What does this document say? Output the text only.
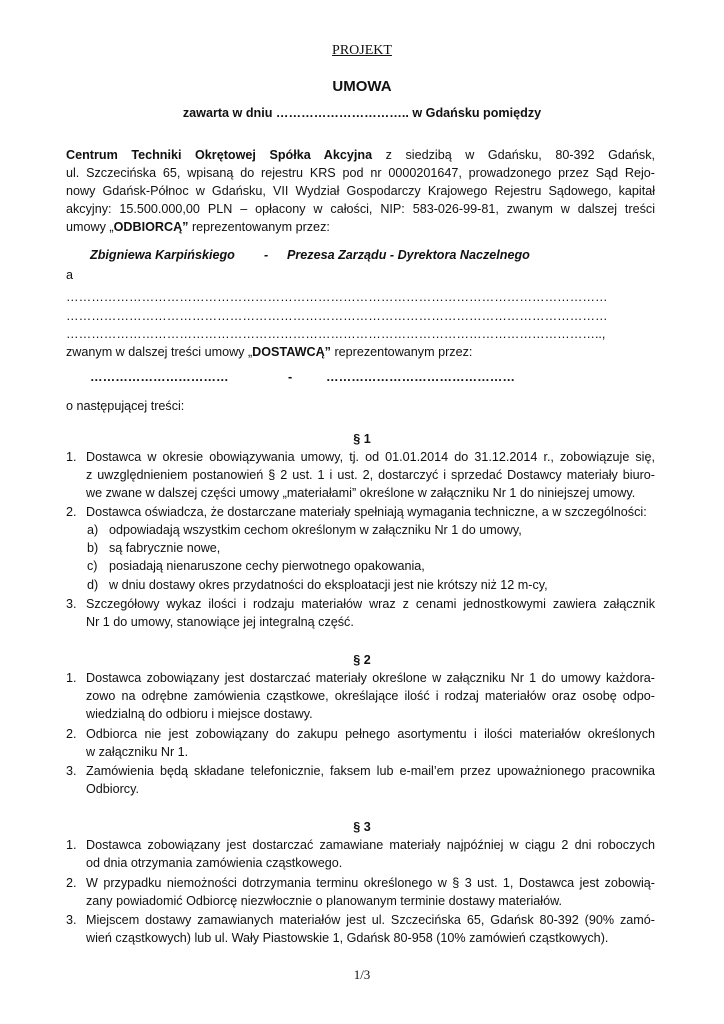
PROJEKT
UMOWA
zawarta w dniu ………………………….. w Gdańsku pomiędzy
Centrum Techniki Okrętowej Spółka Akcyjna z siedzibą w Gdańsku, 80-392 Gdańsk,
ul. Szczecińska 65, wpisaną do rejestru KRS pod nr 0000201647, prowadzonego przez Sąd Rejo-
nowy Gdańsk-Północ w Gdańsku, VII Wydział Gospodarczy Krajowego Rejestru Sądowego, kapitał
akcyjny: 15.500.000,00 PLN – opłacony w całości, NIP: 583-026-99-81, zwanym w dalszej treści
umowy „ODBIORCĄ” reprezentowanym przez:
Zbigniewa Karpińskiego - Prezesa Zarządu - Dyrektora Naczelnego
a
…………………………………………………………………………………………………………………
…………………………………………………………………………………………………………………
………………………………………………………………………………………………………………..,
zwanym w dalszej treści umowy „DOSTAWCĄ” reprezentowanym przez:
……………………………	-	………………………………………
o następującej treści:
§ 1
1. Dostawca w okresie obowiązywania umowy, tj. od 01.01.2014 do 31.12.2014 r., zobowiązuje się,
z uwzględnieniem postanowień § 2 ust. 1 i ust. 2, dostarczyć i sprzedać Dostawcy materiały biuro-
we zwane w dalszej części umowy „materiałami” określone w załączniku Nr 1 do niniejszej umowy.
2. Dostawca oświadcza, że dostarczane materiały spełniają wymagania techniczne, a w szczególności:
a) odpowiadają wszystkim cechom określonym w załączniku Nr 1 do umowy,
b) są fabrycznie nowe,
c) posiadają nienaruszone cechy pierwotnego opakowania,
d) w dniu dostawy okres przydatności do eksploatacji jest nie krótszy niż 12 m-cy,
3. Szczegółowy wykaz ilości i rodzaju materiałów wraz z cenami jednostkowymi zawiera załącznik
Nr 1 do umowy, stanowiące jej integralną część.
§ 2
1. Dostawca zobowiązany jest dostarczać materiały określone w załączniku Nr 1 do umowy każdora-
zowo na odrębne zamówienia cząstkowe, określające ilość i rodzaj materiałów oraz osobę odpo-
wiedzialną do odbioru i miejsce dostawy.
2. Odbiorca nie jest zobowiązany do zakupu pełnego asortymentu i ilości materiałów określonych
w załączniku Nr 1.
3. Zamówienia będą składane telefonicznie, faksem lub e-mail’em przez upoważnionego pracownika
Odbiorcy.
§ 3
1. Dostawca zobowiązany jest dostarczać zamawiane materiały najpóźniej w ciągu 2 dni roboczych
od dnia otrzymania zamówienia cząstkowego.
2. W przypadku niemożności dotrzymania terminu określonego w § 3 ust. 1, Dostawca jest zobowią-
zany powiadomić Odbiorcę niezwłocznie o planowanym terminie dostawy materiałów.
3. Miejscem dostawy zamawianych materiałów jest ul. Szczecińska 65, Gdańsk 80-392 (90% zamó-
wień cząstkowych) lub ul. Wały Piastowskie 1, Gdańsk 80-958 (10% zamówień cząstkowych).
1/3
